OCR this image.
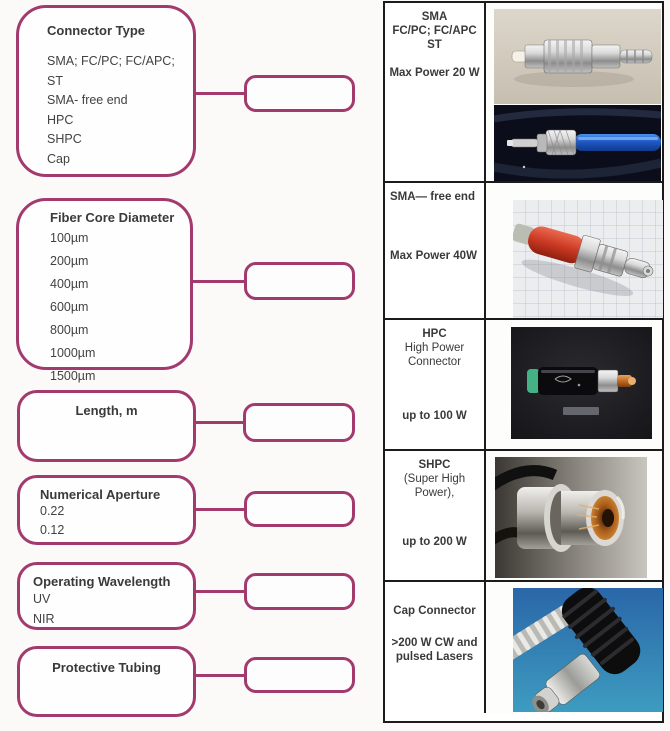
Connector Type
SMA; FC/PC; FC/APC; ST
SMA- free end
HPC
SHPC
Cap
Fiber Core Diameter
100µm
200µm
400µm
600µm
800µm
1000µm
1500µm
Length, m
Numerical Aperture
0.22
0.12
Operating Wavelength
UV
NIR
Protective Tubing
SMA
FC/PC; FC/APC
ST
Max Power 20 W
SMA— free end
Max Power 40W
HPC
High Power
Connector
up to 100 W
SHPC
(Super High
Power),
up to 200 W
Cap Connector
>200 W CW and
pulsed Lasers
